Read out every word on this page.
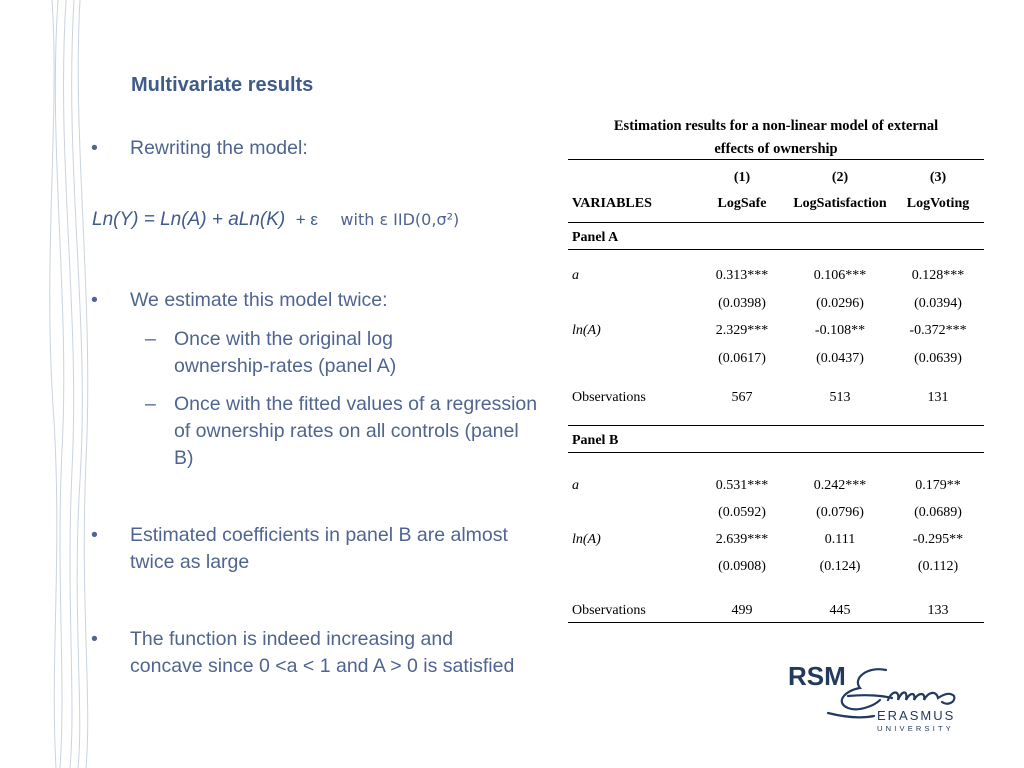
Multivariate results
• Rewriting the model:
Ln(Y) = Ln(A) + aLn(K) + ε with ε IID(0,σ²)
• We estimate this model twice:
– Once with the original log ownership-rates (panel A)
– Once with the fitted values of a regression of ownership rates on all controls (panel B)
• Estimated coefficients in panel B are almost twice as large
• The function is indeed increasing and concave since 0 <a < 1 and A > 0 is satisfied
Estimation results for a non-linear model of external
effects of ownership
(1)	(2)	(3)
VARIABLES	LogSafe	LogSatisfaction	LogVoting
Panel A
a	0.313***	0.106***	0.128***
(0.0398)	(0.0296)	(0.0394)
ln(A)	2.329***	-0.108**	-0.372***
(0.0617)	(0.0437)	(0.0639)
Observations	567	513	131
Panel B
a	0.531***	0.242***	0.179**
(0.0592)	(0.0796)	(0.0689)
ln(A)	2.639***	0.111	-0.295**
(0.0908)	(0.124)	(0.112)
Observations	499	445	133
RSM
ERASMUS
UNIVERSITY
